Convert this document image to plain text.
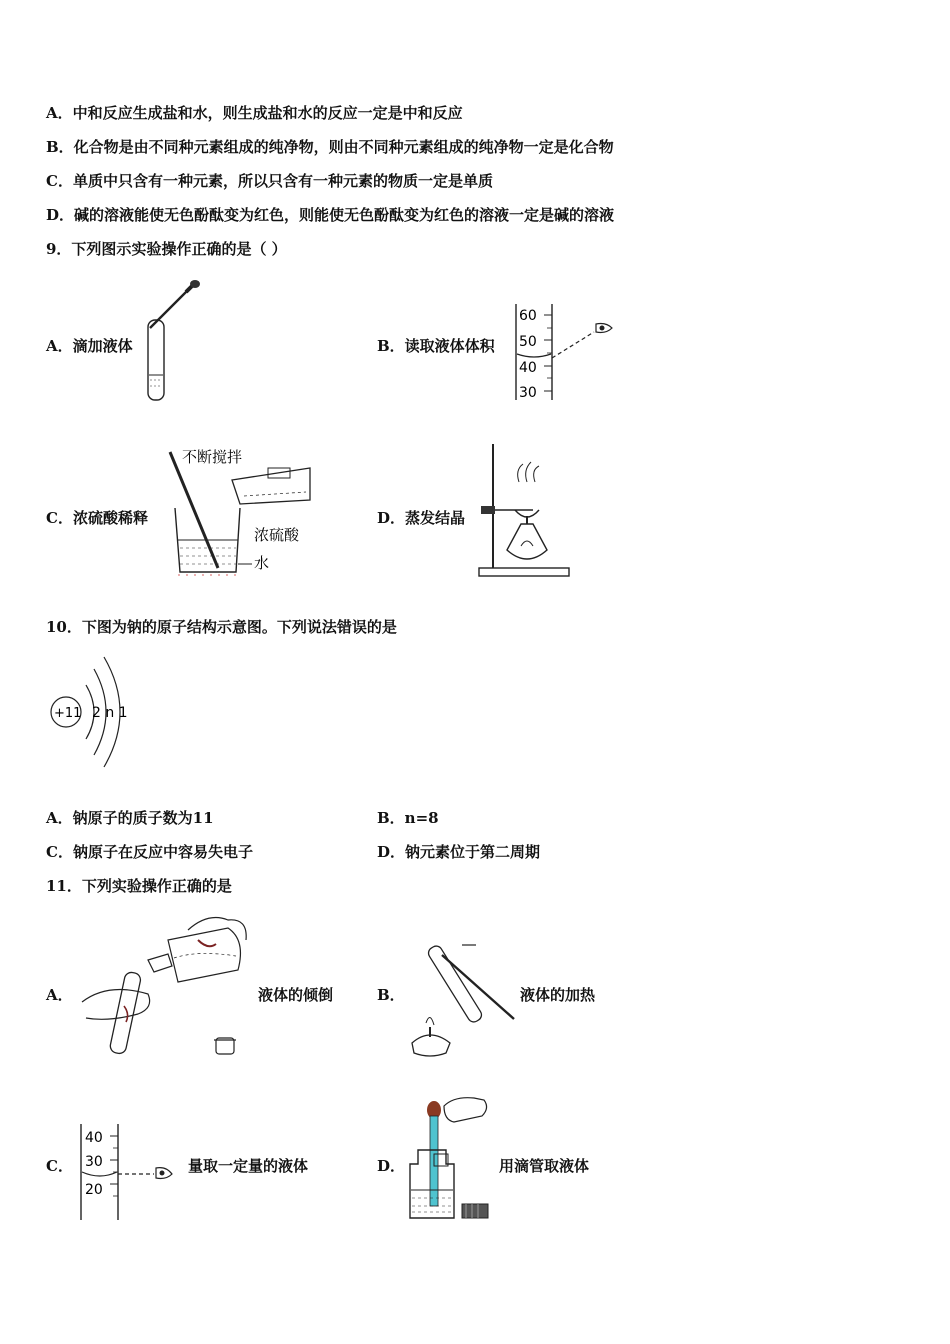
A．中和反应生成盐和水，则生成盐和水的反应一定是中和反应
B．化合物是由不同种元素组成的纯净物，则由不同种元素组成的纯净物一定是化合物
C．单质中只含有一种元素，所以只含有一种元素的物质一定是单质
D．碱的溶液能使无色酚酞变为红色，则能使无色酚酞变为红色的溶液一定是碱的溶液
9．下列图示实验操作正确的是（ ）
A．滴加液体	B．读取液体体积
60
50
40
30
C．浓硫酸稀释
不断搅拌
浓硫酸
水
D．蒸发结晶
10．下图为钠的原子结构示意图。下列说法错误的是
+11 2 n 1
A．钠原子的质子数为11	B．n=8
C．钠原子在反应中容易失电子	D．钠元素位于第二周期
11．下列实验操作正确的是
A．	液体的倾倒	B．	液体的加热
C．
40
30
20
量取一定量的液体	D．	用滴管取液体
